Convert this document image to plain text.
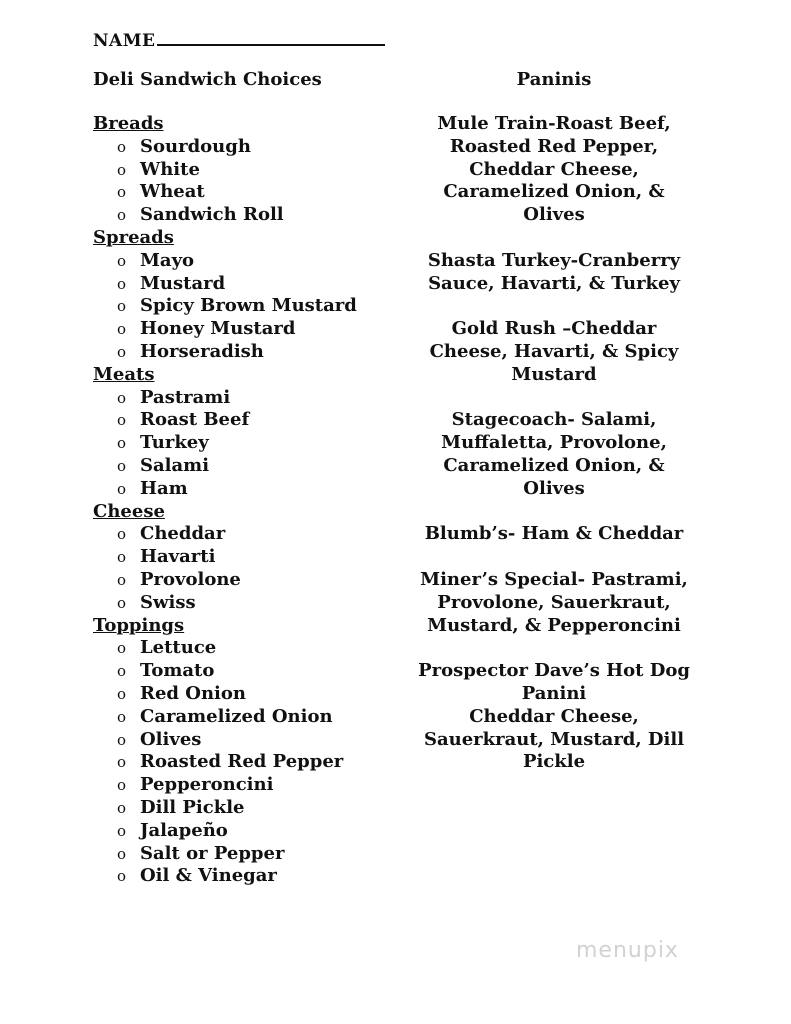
NAME
Deli Sandwich Choices
Breads
o Sourdough
o White
o Wheat
o Sandwich Roll
Spreads
o Mayo
o Mustard
o Spicy Brown Mustard
o Honey Mustard
o Horseradish
Meats
o Pastrami
o Roast Beef
o Turkey
o Salami
o Ham
Cheese
o Cheddar
o Havarti
o Provolone
o Swiss
Toppings
o Lettuce
o Tomato
o Red Onion
o Caramelized Onion
o Olives
o Roasted Red Pepper
o Pepperoncini
o Dill Pickle
o Jalapeño
o Salt or Pepper
o Oil & Vinegar
Paninis
Mule Train-Roast Beef,
Roasted Red Pepper,
Cheddar Cheese,
Caramelized Onion, &
Olives
Shasta Turkey-Cranberry
Sauce, Havarti, & Turkey
Gold Rush –Cheddar
Cheese, Havarti, & Spicy
Mustard
Stagecoach- Salami,
Muffaletta, Provolone,
Caramelized Onion, &
Olives
Blumb’s- Ham & Cheddar
Miner’s Special- Pastrami,
Provolone, Sauerkraut,
Mustard, & Pepperoncini
Prospector Dave’s Hot Dog
Panini
Cheddar Cheese,
Sauerkraut, Mustard, Dill
Pickle
menupix
